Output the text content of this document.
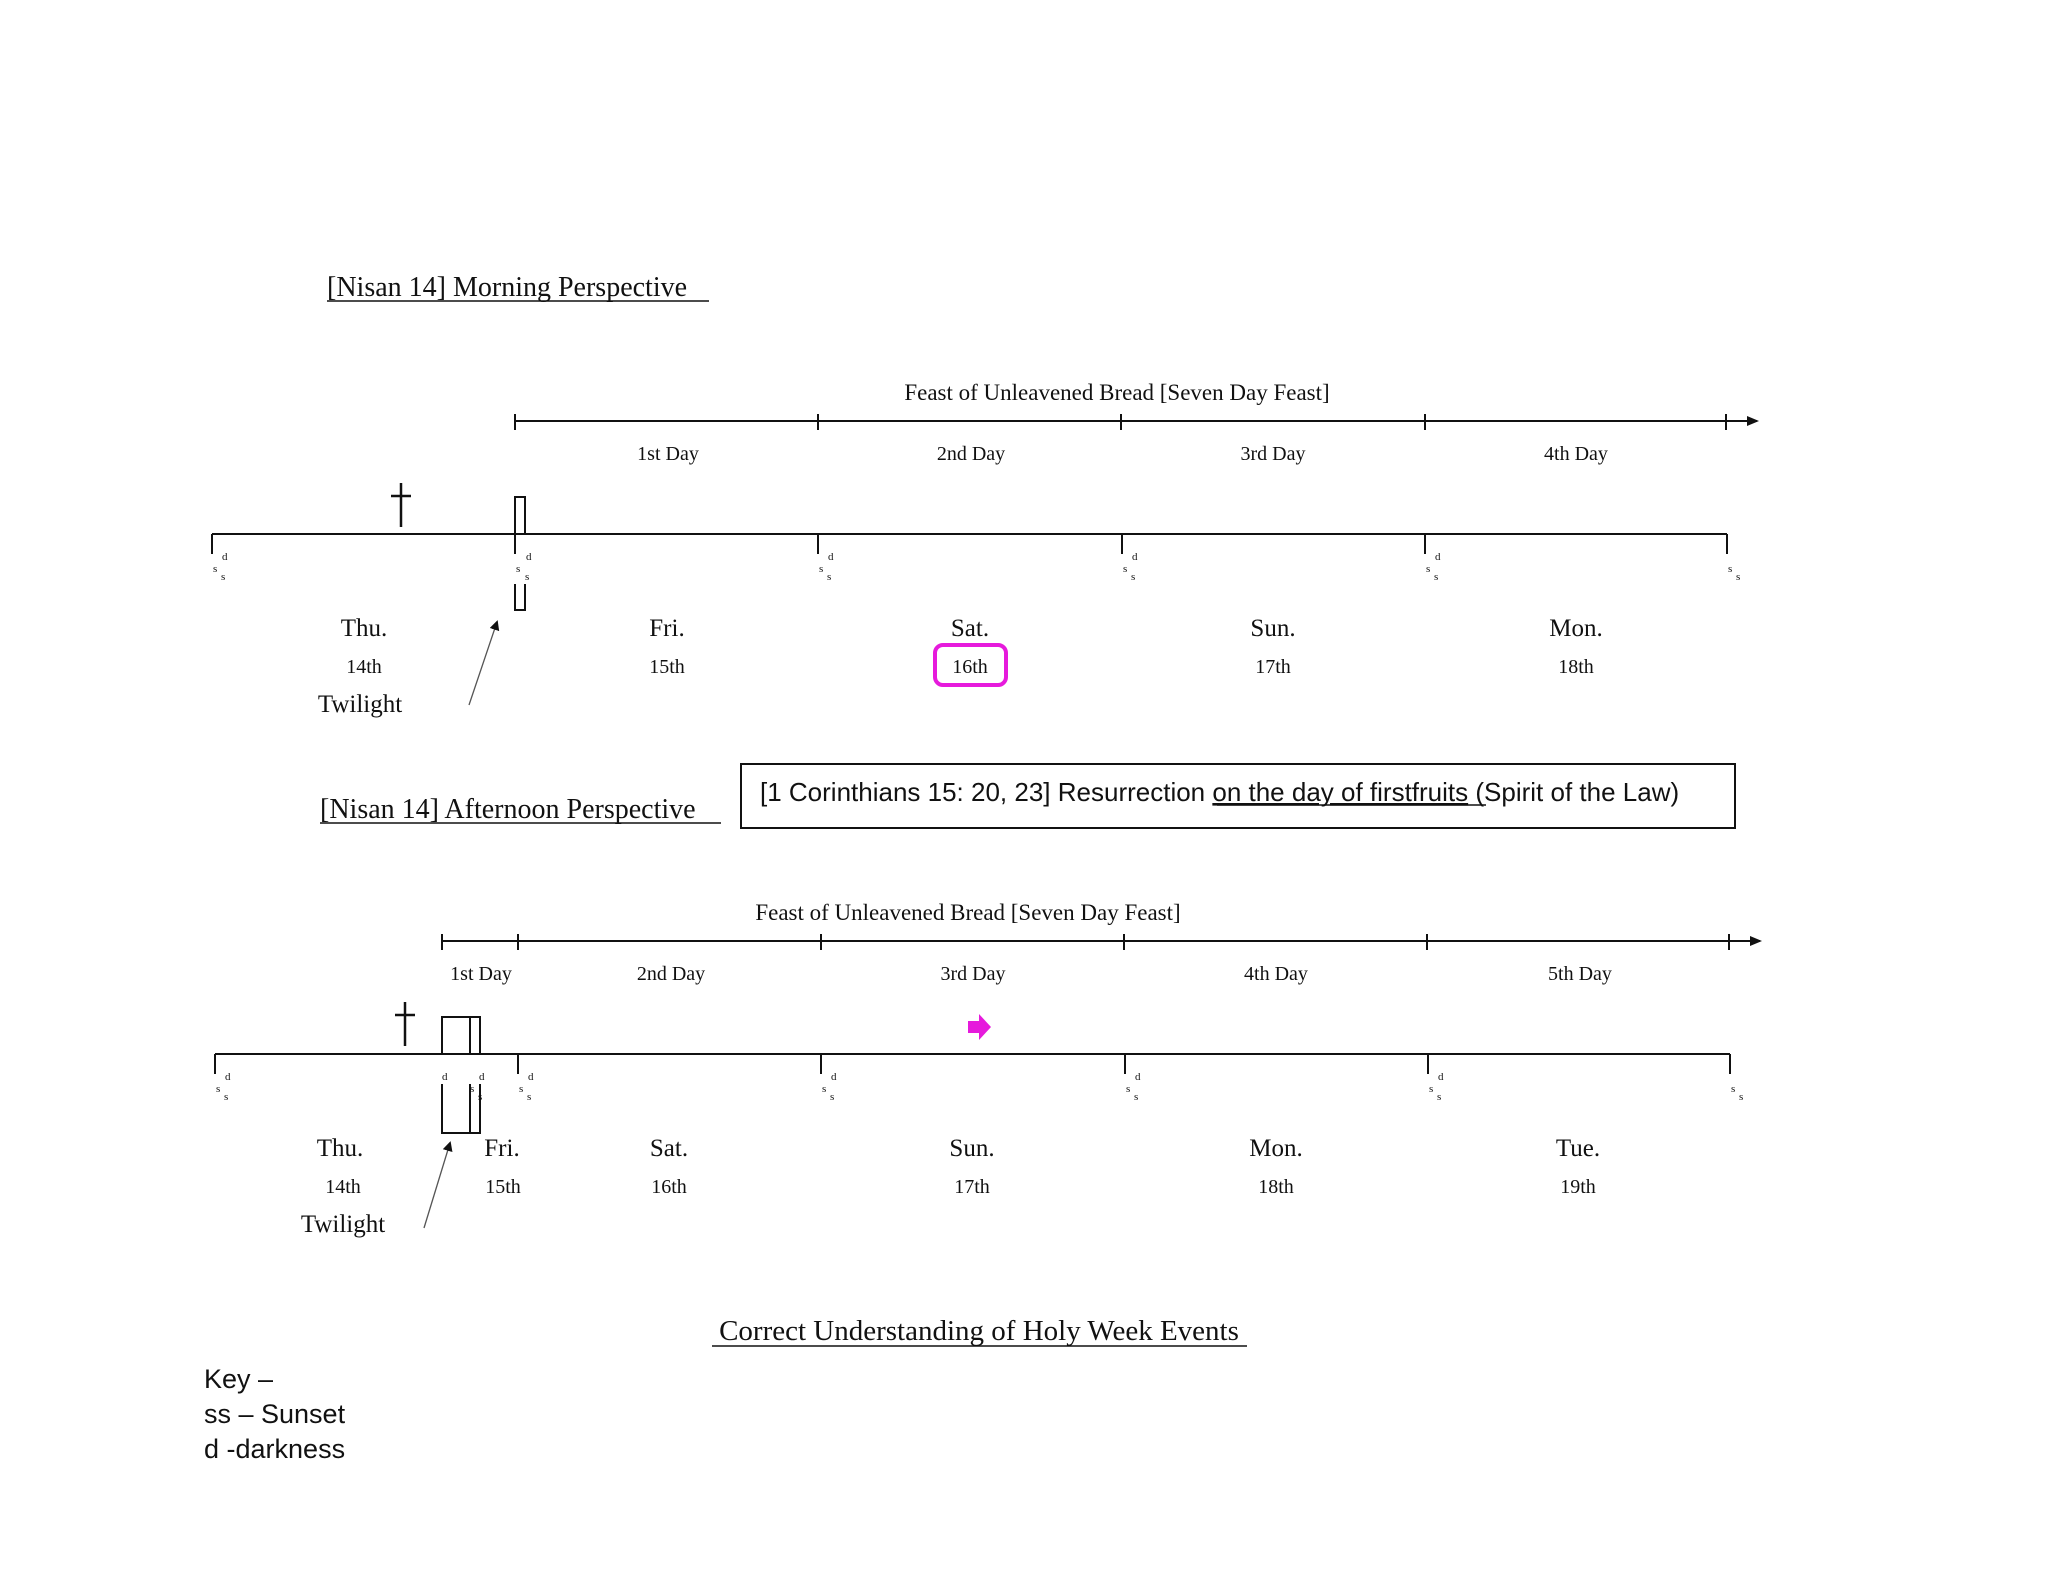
[Nisan 14] Morning Perspective
Feast of Unleavened Bread [Seven Day Feast]
1st Day	2nd Day	3rd Day	4th Day
d
s
s
d
s
s
d
s
s
d
s
s
d
s
s
s
s
Thu.	Fri.	Sat.	Sun.	Mon.
14th	15th	16th	17th	18th
Twilight
[1 Corinthians 15: 20, 23] Resurrection on the day of firstfruits (Spirit of the Law)
[Nisan 14] Afternoon Perspective
Feast of Unleavened Bread [Seven Day Feast]
1st Day	2nd Day	3rd Day	4th Day	5th Day
d
s
s
d
s
d
s
d
s
s
d
s
s
d
s
s
d
s
s
s
s
Thu.	Fri.	Sat.	Sun.	Mon.	Tue.
14th	15th	16th	17th	18th	19th
Twilight
Correct Understanding of Holy Week Events
Key –
ss – Sunset
d -darkness
